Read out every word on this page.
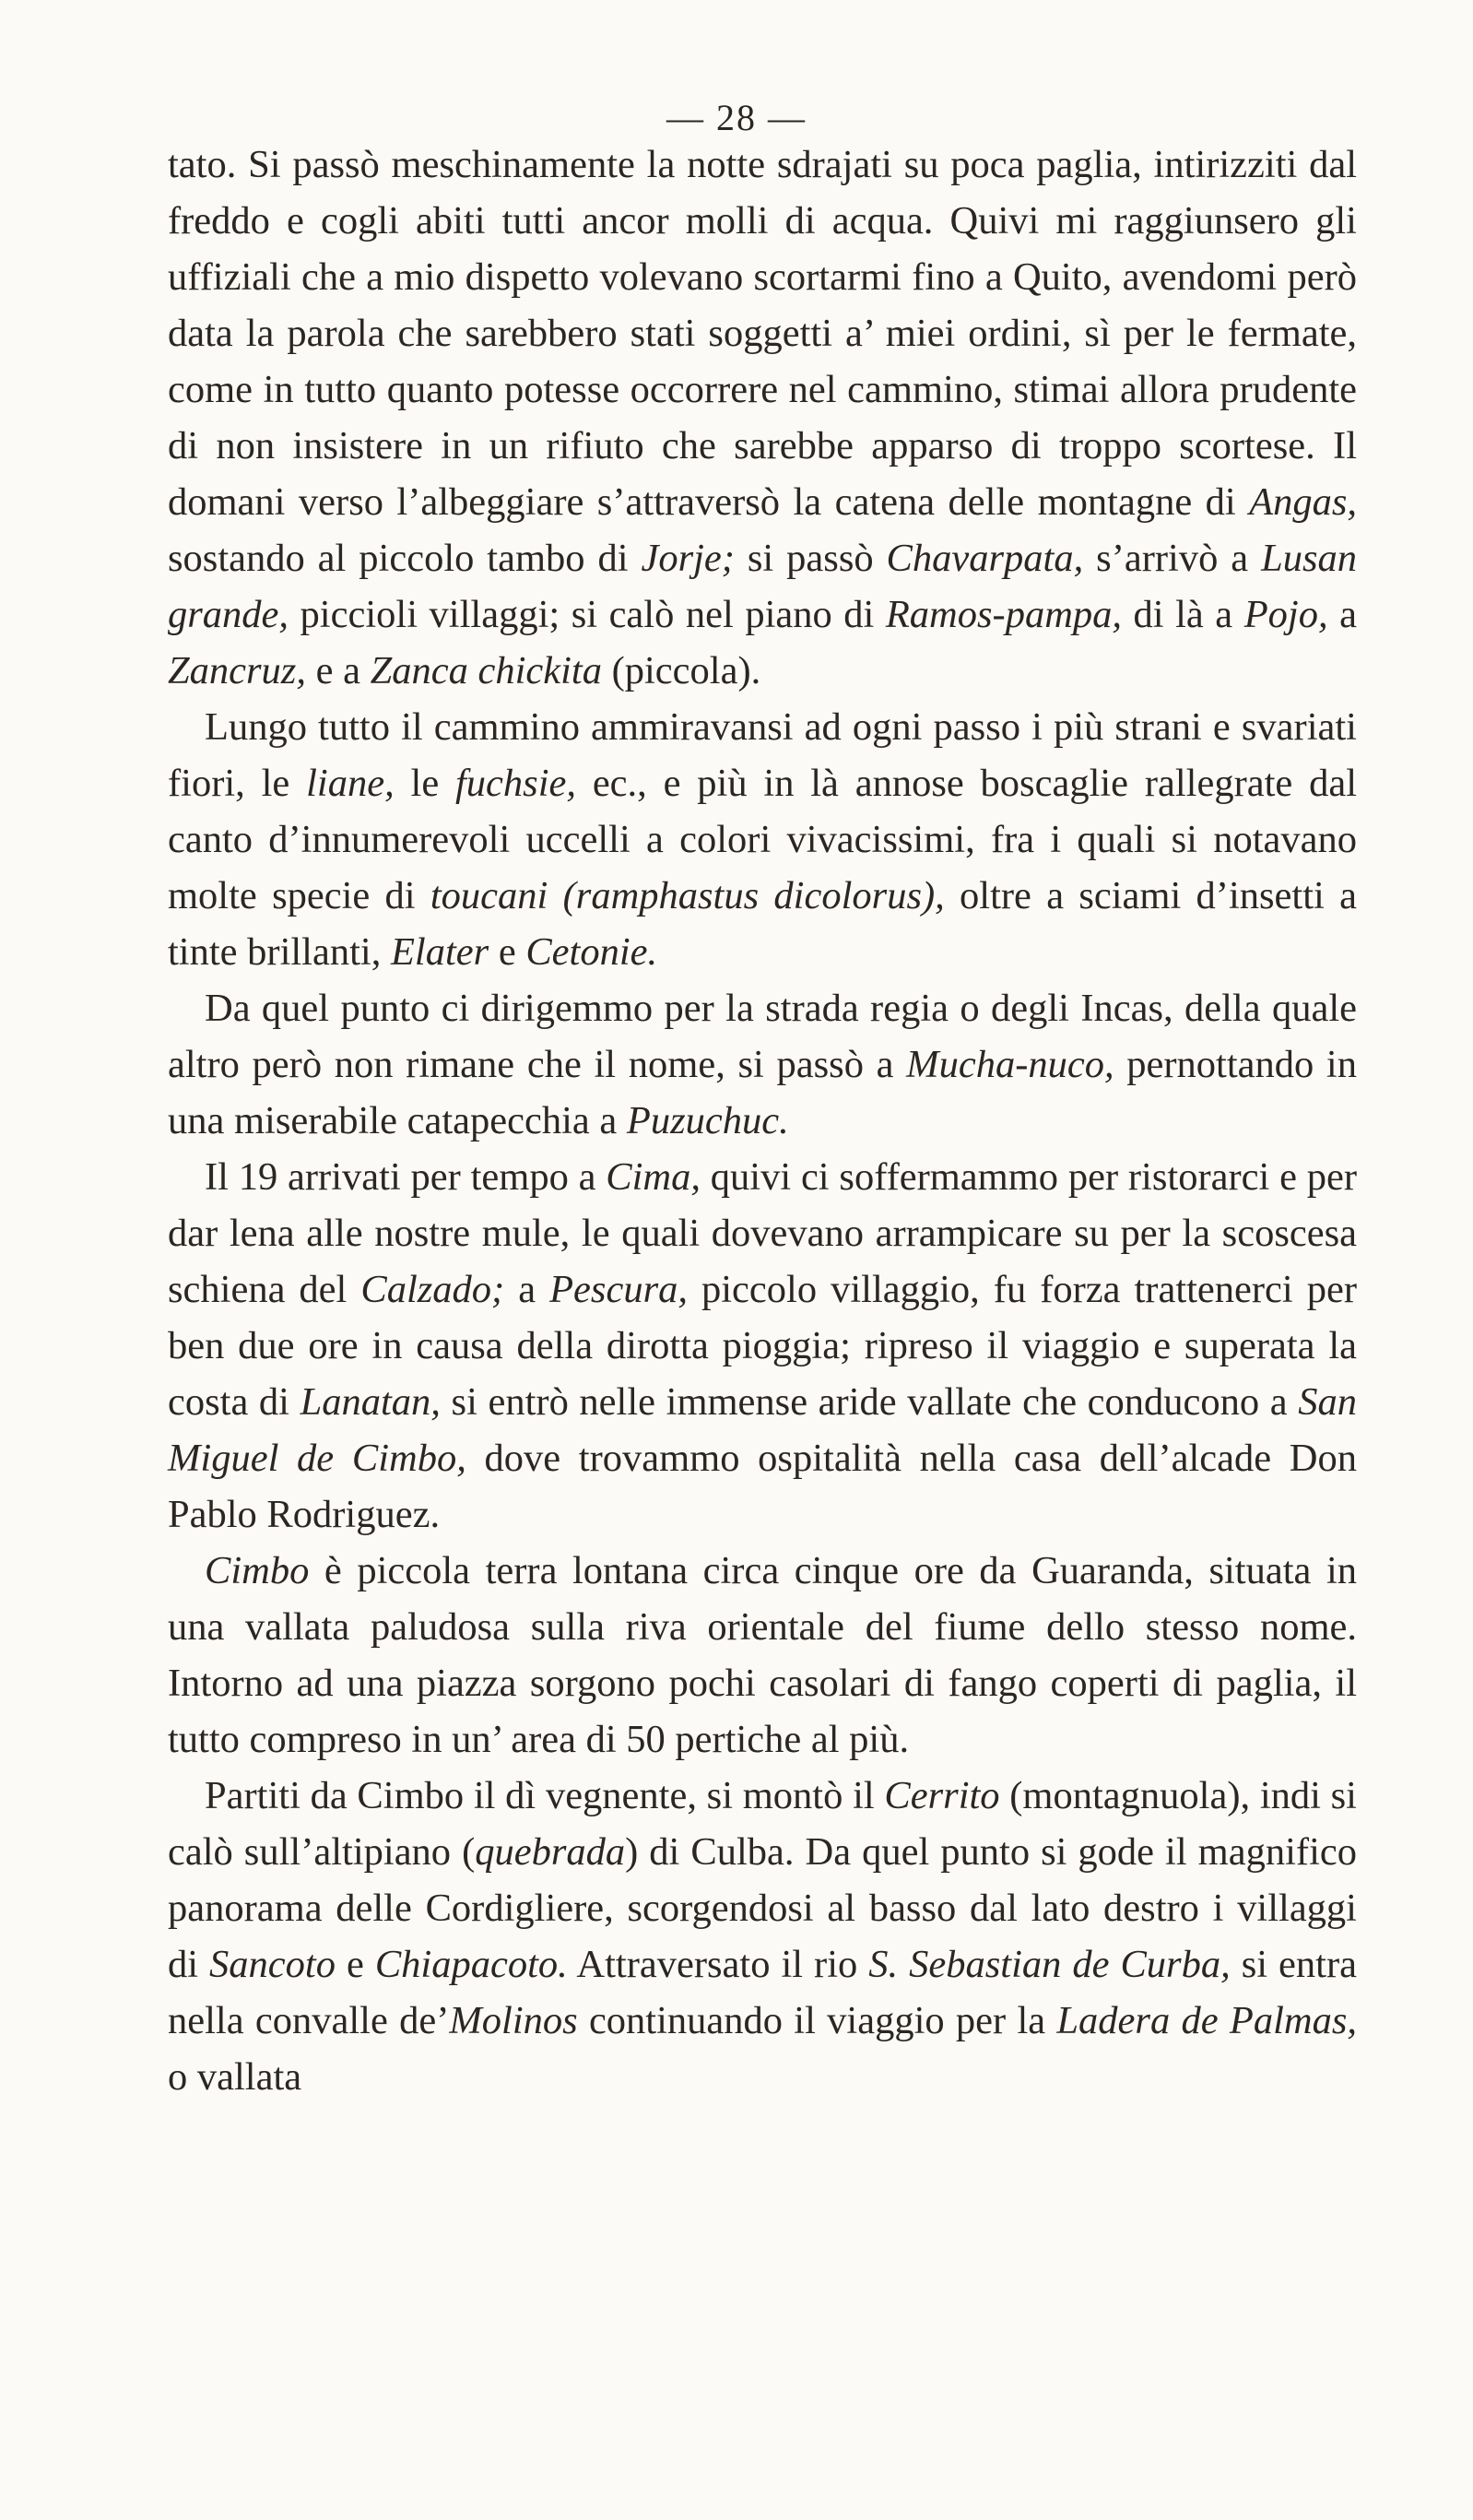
— 28 —

tato. Si passò meschinamente la notte sdrajati su poca paglia, intirizziti dal freddo e cogli abiti tutti ancor molli di acqua. Quivi mi raggiunsero gli uffiziali che a mio dispetto volevano scortarmi fino a Quito, avendomi però data la parola che sarebbero stati soggetti a’ miei ordini, sì per le fermate, come in tutto quanto potesse occorrere nel cammino, stimai allora prudente di non insistere in un rifiuto che sarebbe apparso di troppo scortese. Il domani verso l’albeggiare s’attraversò la catena delle montagne di Angas, sostando al piccolo tambo di Jorje; si passò Chavarpata, s’arrivò a Lusan grande, piccioli villaggi; si calò nel piano di Ramos-pampa, di là a Pojo, a Zancruz, e a Zanca chickita (piccola).

Lungo tutto il cammino ammiravansi ad ogni passo i più strani e svariati fiori, le liane, le fuchsie, ec., e più in là annose boscaglie rallegrate dal canto d’innumerevoli uccelli a colori vivacissimi, fra i quali si notavano molte specie di toucani (ramphastus dicolorus), oltre a sciami d’insetti a tinte brillanti, Elater e Cetonie.

Da quel punto ci dirigemmo per la strada regia o degli Incas, della quale altro però non rimane che il nome, si passò a Mucha-nuco, pernottando in una miserabile catapecchia a Puzuchuc.

Il 19 arrivati per tempo a Cima, quivi ci soffermammo per ristorarci e per dar lena alle nostre mule, le quali dovevano arrampicare su per la scoscesa schiena del Calzado; a Pescura, piccolo villaggio, fu forza trattenerci per ben due ore in causa della dirotta pioggia; ripreso il viaggio e superata la costa di Lanatan, si entrò nelle immense aride vallate che conducono a San Miguel de Cimbo, dove trovammo ospitalità nella casa dell’alcade Don Pablo Rodriguez.

Cimbo è piccola terra lontana circa cinque ore da Guaranda, situata in una vallata paludosa sulla riva orientale del fiume dello stesso nome. Intorno ad una piazza sorgono pochi casolari di fango coperti di paglia, il tutto compreso in un’ area di 50 pertiche al più.

Partiti da Cimbo il dì vegnente, si montò il Cerrito (montagnuola), indi si calò sull’altipiano (quebrada) di Culba. Da quel punto si gode il magnifico panorama delle Cordigliere, scorgendosi al basso dal lato destro i villaggi di Sancoto e Chiapacoto. Attraversato il rio S. Sebastian de Curba, si entra nella convalle de’Molinos continuando il viaggio per la Ladera de Palmas, o vallata
